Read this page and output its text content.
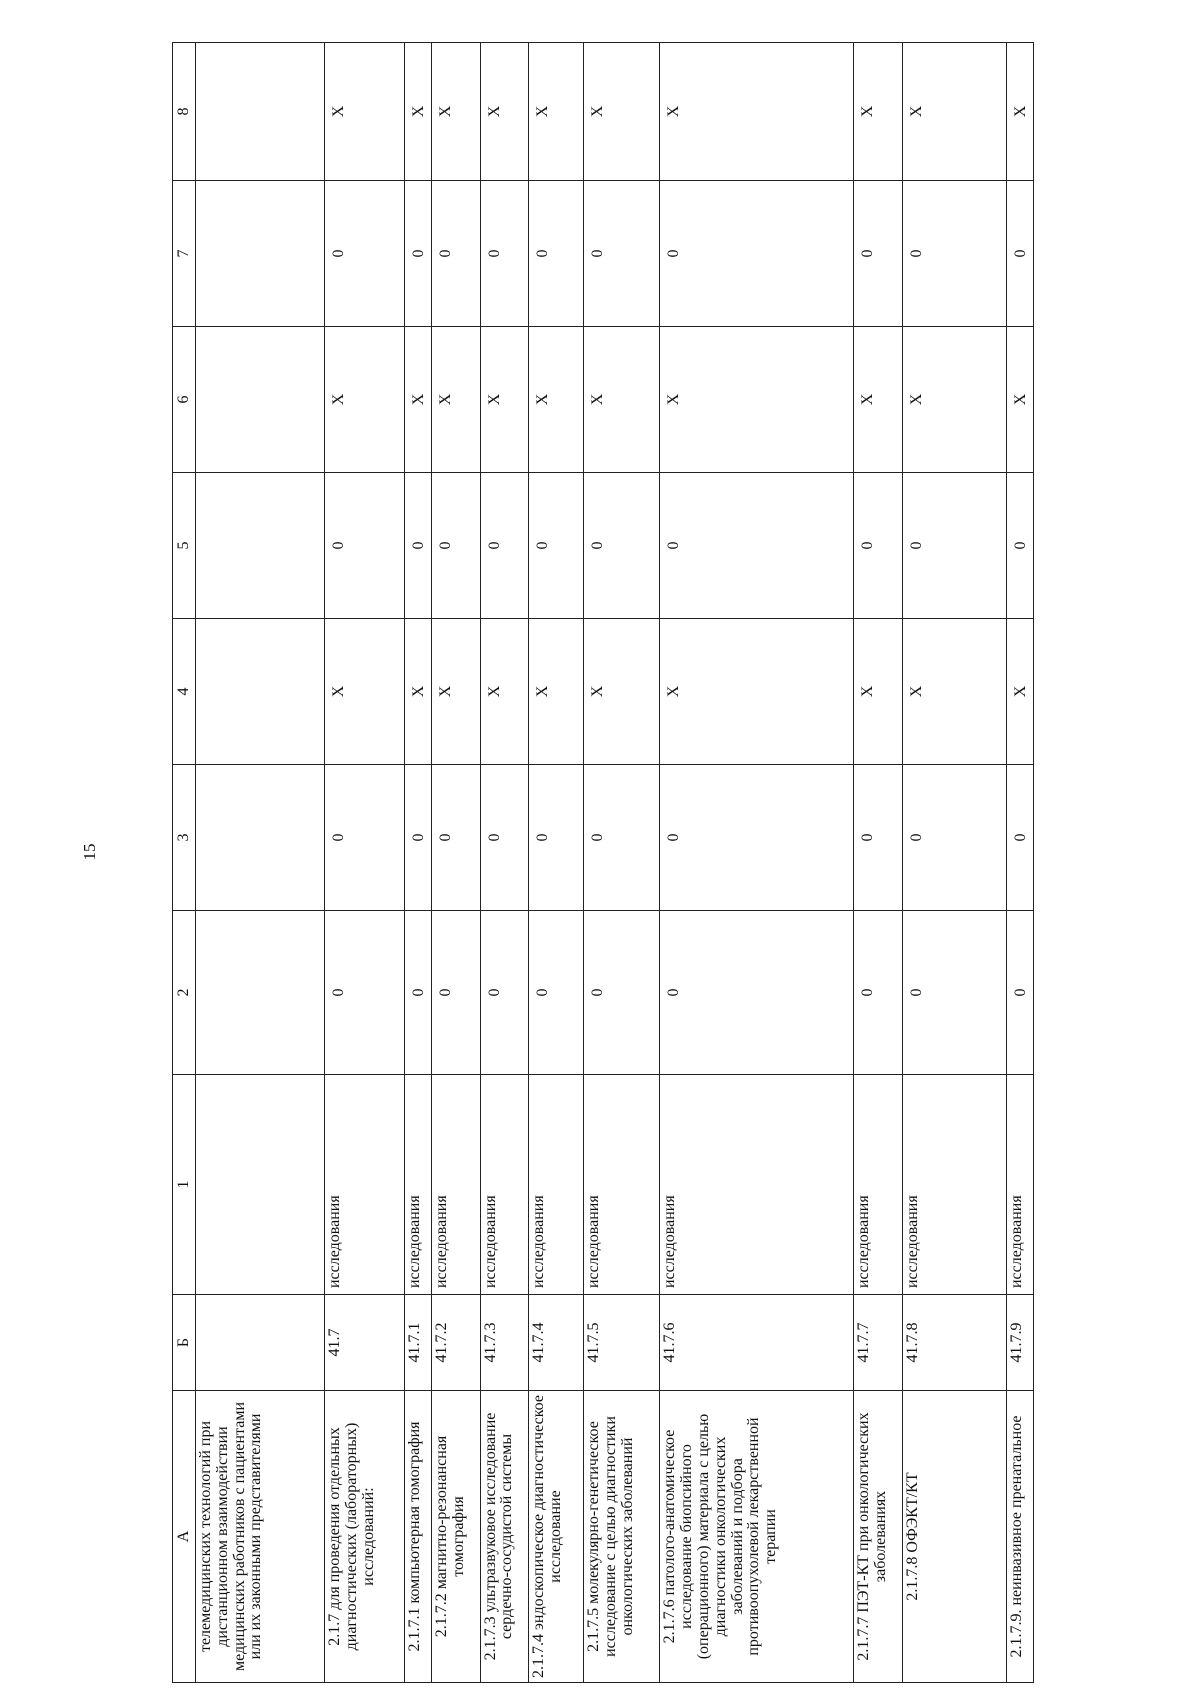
15
А	Б	1	2	3	4	5	6	7	8
телемедицинских технологий при дистанционном взаимодействии медицинских работников с пациентами или их законными представителями									
2.1.7 для проведения отдельных диагностических (лабораторных) исследований:	41.7	исследования	0	0	Х	0	Х	0	Х
2.1.7.1 компьютерная томография	41.7.1	исследования	0	0	Х	0	Х	0	Х
2.1.7.2 магнитно-резонансная томография	41.7.2	исследования	0	0	Х	0	Х	0	Х
2.1.7.3 ультразвуковое исследование сердечно-сосудистой системы	41.7.3	исследования	0	0	Х	0	Х	0	Х
2.1.7.4 эндоскопическое диагностическое исследование	41.7.4	исследования	0	0	Х	0	Х	0	Х
2.1.7.5 молекулярно-генетическое исследование с целью диагностики онкологических заболеваний	41.7.5	исследования	0	0	Х	0	Х	0	Х
2.1.7.6 патолого-анатомическое исследование биопсийного (операционного) материала с целью диагностики онкологических заболеваний и подбора противоопухолевой лекарственной терапии	41.7.6	исследования	0	0	Х	0	Х	0	Х
2.1.7.7 ПЭТ-КТ при онкологических заболеваниях	41.7.7	исследования	0	0	Х	0	Х	0	Х
2.1.7.8 ОФЭКТ/КТ	41.7.8	исследования	0	0	Х	0	Х	0	Х
2.1.7.9. неинвазивное пренатальное	41.7.9	исследования	0	0	Х	0	Х	0	Х
